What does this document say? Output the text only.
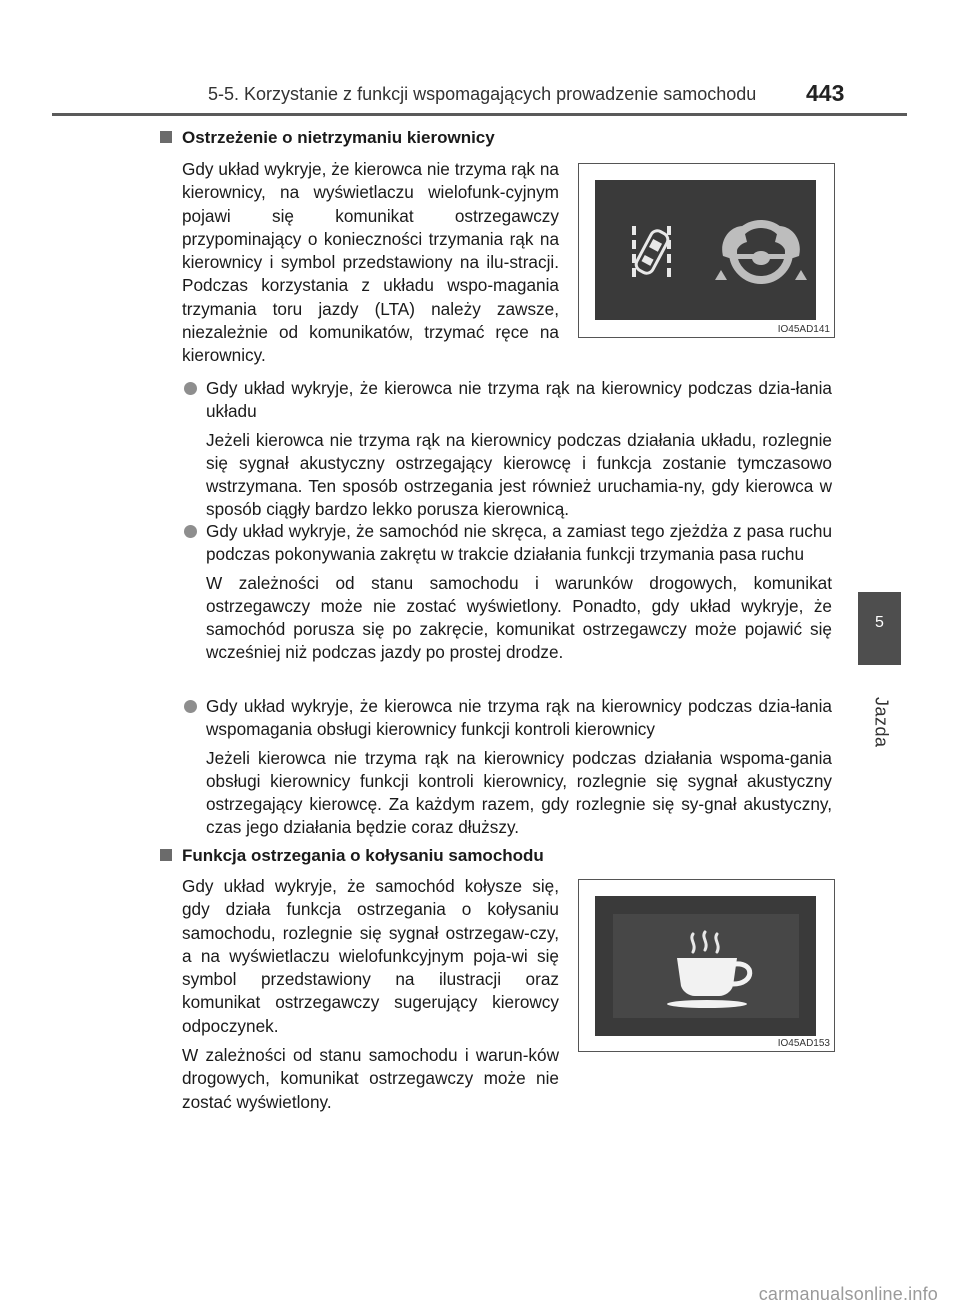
5-5. Korzystanie z funkcji wspomagających prowadzenie samochodu 443
5
Jazda
Ostrzeżenie o nietrzymaniu kierownicy

Gdy układ wykryje, że kierowca nie trzyma rąk na kierownicy, na wyświetlaczu wielofunk-cyjnym pojawi się komunikat ostrzegawczy przypominający o konieczności trzymania rąk na kierownicy i symbol przedstawiony na ilu-stracji. Podczas korzystania z układu wspo-magania trzymania toru jazdy (LTA) należy zawsze, niezależnie od komunikatów, trzymać ręce na kierownicy.

IO45AD141
Gdy układ wykryje, że kierowca nie trzyma rąk na kierownicy podczas dzia-łania układu
Jeżeli kierowca nie trzyma rąk na kierownicy podczas działania układu, rozlegnie się sygnał akustyczny ostrzegający kierowcę i funkcja zostanie tymczasowo wstrzymana. Ten sposób ostrzegania jest również uruchamia-ny, gdy kierowca w sposób ciągły bardzo lekko porusza kierownicą.
Gdy układ wykryje, że samochód nie skręca, a zamiast tego zjeżdża z pasa ruchu podczas pokonywania zakrętu w trakcie działania funkcji trzymania pasa ruchu
W zależności od stanu samochodu i warunków drogowych, komunikat ostrzegawczy może nie zostać wyświetlony. Ponadto, gdy układ wykryje, że samochód porusza się po zakręcie, komunikat ostrzegawczy może pojawić się wcześniej niż podczas jazdy po prostej drodze.
Gdy układ wykryje, że kierowca nie trzyma rąk na kierownicy podczas dzia-łania wspomagania obsługi kierownicy funkcji kontroli kierownicy
Jeżeli kierowca nie trzyma rąk na kierownicy podczas działania wspoma-gania obsługi kierownicy funkcji kontroli kierownicy, rozlegnie się sygnał akustyczny ostrzegający kierowcę. Za każdym razem, gdy rozlegnie się sy-gnał akustyczny, czas jego działania będzie coraz dłuższy.
Funkcja ostrzegania o kołysaniu samochodu

Gdy układ wykryje, że samochód kołysze się, gdy działa funkcja ostrzegania o kołysaniu samochodu, rozlegnie się sygnał ostrzegaw-czy, a na wyświetlaczu wielofunkcyjnym poja-wi się symbol przedstawiony na ilustracji oraz komunikat ostrzegawczy sugerujący kierowcy odpoczynek.

W zależności od stanu samochodu i warun-ków drogowych, komunikat ostrzegawczy może nie zostać wyświetlony.

IO45AD153
carmanualsonline.info
